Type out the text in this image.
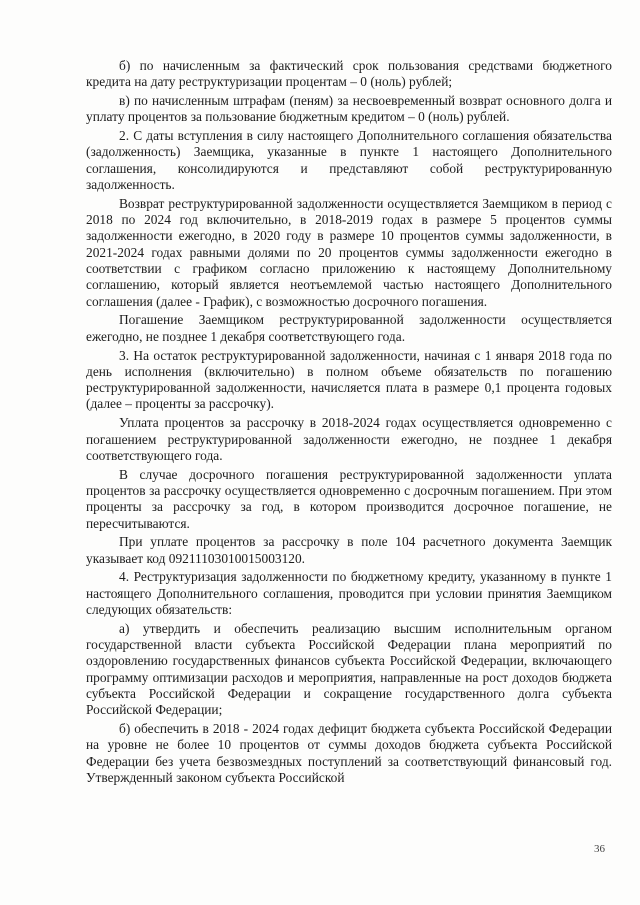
б) по начисленным за фактический срок пользования средствами бюджетного кредита на дату реструктуризации процентам – 0 (ноль) рублей;

в) по начисленным штрафам (пеням) за несвоевременный возврат основного долга и уплату процентов за пользование бюджетным кредитом – 0 (ноль) рублей.

2. С даты вступления в силу настоящего Дополнительного соглашения обязательства (задолженность) Заемщика, указанные в пункте 1 настоящего Дополнительного соглашения, консолидируются и представляют собой реструктурированную задолженность.

Возврат реструктурированной задолженности осуществляется Заемщиком в период с 2018 по 2024 год включительно, в 2018-2019 годах в размере 5 процентов суммы задолженности ежегодно, в 2020 году в размере 10 процентов суммы задолженности, в 2021-2024 годах равными долями по 20 процентов суммы задолженности ежегодно в соответствии с графиком согласно приложению к настоящему Дополнительному соглашению, который является неотъемлемой частью настоящего Дополнительного соглашения (далее - График), с возможностью досрочного погашения.

Погашение Заемщиком реструктурированной задолженности осуществляется ежегодно, не позднее 1 декабря соответствующего года.

3. На остаток реструктурированной задолженности, начиная с 1 января 2018 года по день исполнения (включительно) в полном объеме обязательств по погашению реструктурированной задолженности, начисляется плата в размере 0,1 процента годовых (далее – проценты за рассрочку).

Уплата процентов за рассрочку в 2018-2024 годах осуществляется одновременно с погашением реструктурированной задолженности ежегодно, не позднее 1 декабря соответствующего года.

В случае досрочного погашения реструктурированной задолженности уплата процентов за рассрочку осуществляется одновременно с досрочным погашением. При этом проценты за рассрочку за год, в котором производится досрочное погашение, не пересчитываются.

При уплате процентов за рассрочку в поле 104 расчетного документа Заемщик указывает код 09211103010015003120.

4. Реструктуризация задолженности по бюджетному кредиту, указанному в пункте 1 настоящего Дополнительного соглашения, проводится при условии принятия Заемщиком следующих обязательств:

а) утвердить и обеспечить реализацию высшим исполнительным органом государственной власти субъекта Российской Федерации плана мероприятий по оздоровлению государственных финансов субъекта Российской Федерации, включающего программу оптимизации расходов и мероприятия, направленные на рост доходов бюджета субъекта Российской Федерации и сокращение государственного долга субъекта Российской Федерации;

б) обеспечить в 2018 - 2024 годах дефицит бюджета субъекта Российской Федерации на уровне не более 10 процентов от суммы доходов бюджета субъекта Российской Федерации без учета безвозмездных поступлений за соответствующий финансовый год. Утвержденный законом субъекта Российской

36
